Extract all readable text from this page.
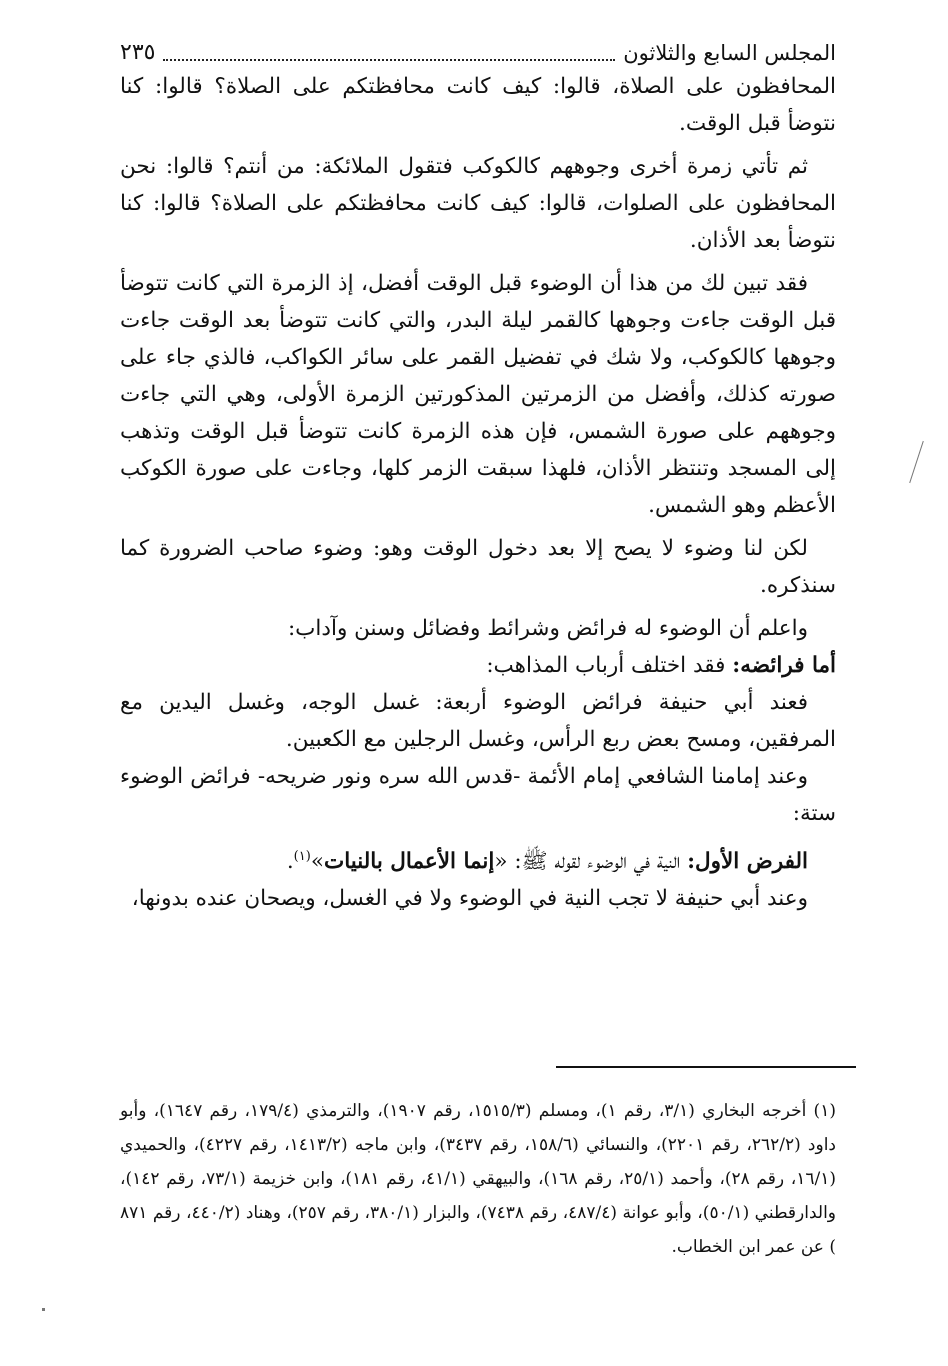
المجلس السابع والثلاثون
٢٣٥

المحافظون على الصلاة، قالوا: كيف كانت محافظتكم على الصلاة؟ قالوا: كنا نتوضأ قبل الوقت.

ثم تأتي زمرة أخرى وجوههم كالكوكب فتقول الملائكة: من أنتم؟ قالوا: نحن المحافظون على الصلوات، قالوا: كيف كانت محافظتكم على الصلاة؟ قالوا: كنا نتوضأ بعد الأذان.

فقد تبين لك من هذا أن الوضوء قبل الوقت أفضل، إذ الزمرة التي كانت تتوضأ قبل الوقت جاءت وجوهها كالقمر ليلة البدر، والتي كانت تتوضأ بعد الوقت جاءت وجوهها كالكوكب، ولا شك في تفضيل القمر على سائر الكواكب، فالذي جاء على صورته كذلك، وأفضل من الزمرتين المذكورتين الزمرة الأولى، وهي التي جاءت وجوههم على صورة الشمس، فإن هذه الزمرة كانت تتوضأ قبل الوقت وتذهب إلى المسجد وتنتظر الأذان، فلهذا سبقت الزمر كلها، وجاءت على صورة الكوكب الأعظم وهو الشمس.

لكن لنا وضوء لا يصح إلا بعد دخول الوقت وهو: وضوء صاحب الضرورة كما سنذكره.

واعلم أن الوضوء له فرائض وشرائط وفضائل وسنن وآداب:

أما فرائضه: فقد اختلف أرباب المذاهب:

فعند أبي حنيفة فرائض الوضوء أربعة: غسل الوجه، وغسل اليدين مع المرفقين، ومسح بعض ربع الرأس، وغسل الرجلين مع الكعبين.

وعند إمامنا الشافعي إمام الأئمة -قدس الله سره ونور ضريحه- فرائض الوضوء ستة:

الفرض الأول: النية في الوضوء لقوله ﷺ: «إنما الأعمال بالنيات»$^{(١)}$.

وعند أبي حنيفة لا تجب النية في الوضوء ولا في الغسل، ويصحان عنده بدونها،

(١) أخرجه البخاري (٣/١، رقم ١)، ومسلم (١٥١٥/٣، رقم ١٩٠٧)، والترمذي (١٧٩/٤، رقم ١٦٤٧)، وأبو داود (٢٦٢/٢، رقم ٢٢٠١)، والنسائي (١٥٨/٦، رقم ٣٤٣٧)، وابن ماجه (١٤١٣/٢، رقم ٤٢٢٧)، والحميدي (١٦/١، رقم ٢٨)، وأحمد (٢٥/١، رقم ١٦٨)، والبيهقي (٤١/١، رقم ١٨١)، وابن خزيمة (٧٣/١، رقم ١٤٢)، والدارقطني (٥٠/١)، وأبو عوانة (٤٨٧/٤، رقم ٧٤٣٨)، والبزار (٣٨٠/١، رقم ٢٥٧)، وهناد (٤٤٠/٢، رقم ٨٧١ ) عن عمر ابن الخطاب.
